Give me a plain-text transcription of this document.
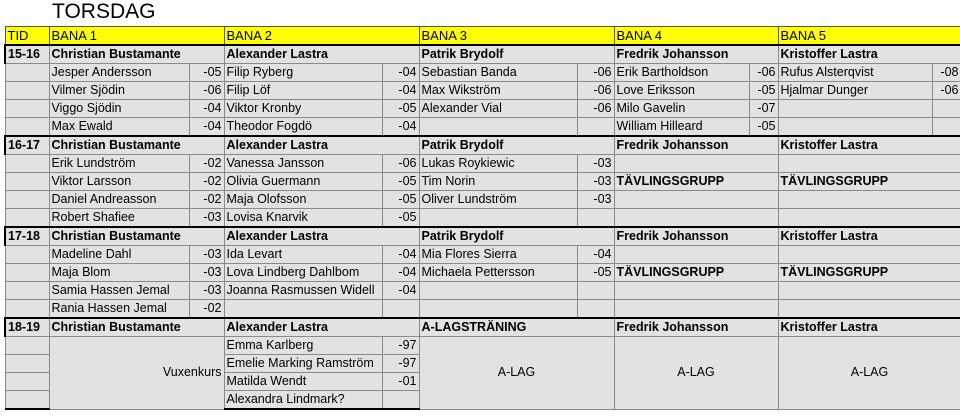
TORSDAG
TID	BANA 1		BANA 2		BANA 3		BANA 4		BANA 5	
15-16	Christian Bustamante		Alexander Lastra		Patrik Brydolf		Fredrik Johansson		Kristoffer Lastra	
	Jesper Andersson	-05	Filip Ryberg	-04	Sebastian Banda	-06	Erik Bartholdson	-06	Rufus Alsterqvist	-08
	Vilmer Sjödin	-06	Filip Löf	-04	Max Wikström	-06	Love Eriksson	-05	Hjalmar Dunger	-06
	Viggo Sjödin	-04	Viktor Kronby	-05	Alexander Vial	-06	Milo Gavelin	-07		
	Max Ewald	-04	Theodor Fogdö	-04			William Hilleard	-05		
16-17	Christian Bustamante		Alexander Lastra		Patrik Brydolf		Fredrik Johansson		Kristoffer Lastra	
	Erik Lundström	-02	Vanessa Jansson	-06	Lukas Roykiewic	-03				
	Viktor Larsson	-02	Olivia Guermann	-05	Tim Norin	-03	TÄVLINGSGRUPP		TÄVLINGSGRUPP	
	Daniel Andreasson	-02	Maja Olofsson	-05	Oliver Lundström	-03				
	Robert Shafiee	-03	Lovisa Knarvik	-05						
17-18	Christian Bustamante		Alexander Lastra		Patrik Brydolf		Fredrik Johansson		Kristoffer Lastra	
	Madeline Dahl	-03	Ida Levart	-04	Mia Flores Sierra	-04				
	Maja Blom	-03	Lova Lindberg Dahlbom	-04	Michaela Pettersson	-05	TÄVLINGSGRUPP		TÄVLINGSGRUPP	
	Samia Hassen Jemal	-03	Joanna Rasmussen Widell	-04						
	Rania Hassen Jemal	-02								
18-19	Christian Bustamante		Alexander Lastra		A-LAGSTRÄNING		Fredrik Johansson		Kristoffer Lastra	
	Vuxenkurs		Emma Karlberg	-97	A-LAG		A-LAG		A-LAG	
			Emelie Marking Ramström	-97						
			Matilda Wendt	-01						
			Alexandra Lindmark?							
